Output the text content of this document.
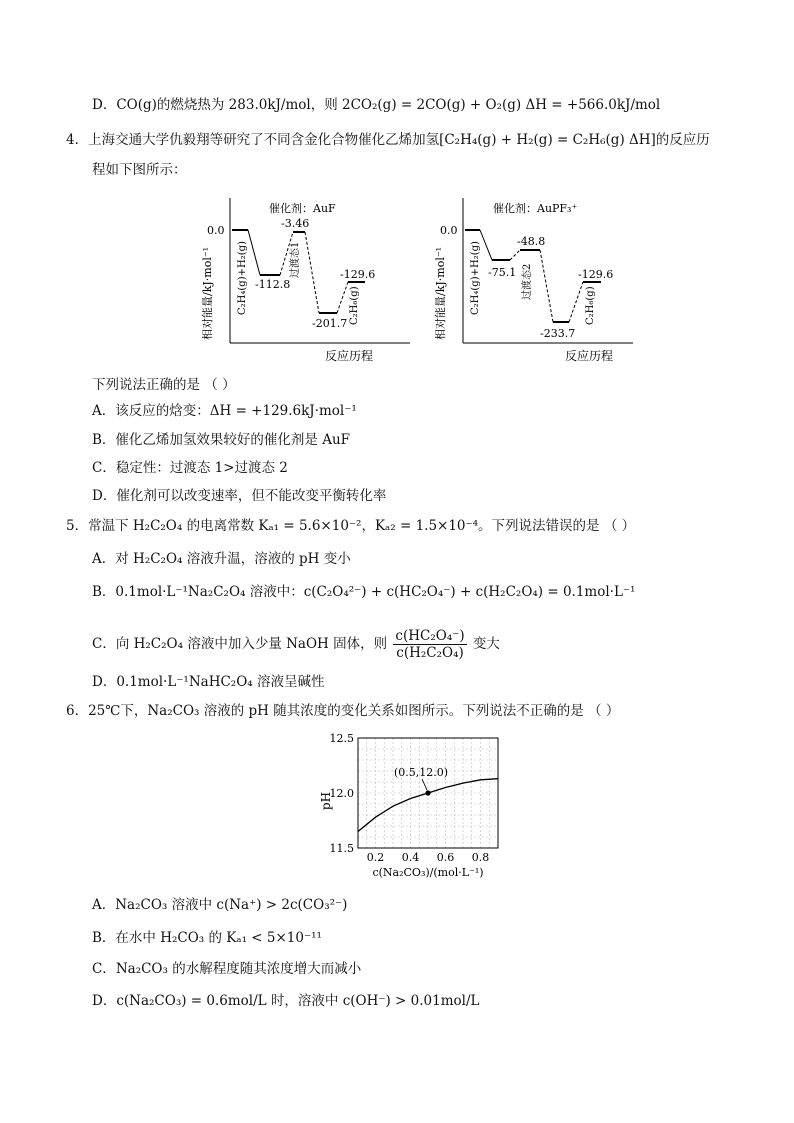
D．CO(g)的燃烧热为 283.0kJ/mol，则 2CO₂(g) = 2CO(g) + O₂(g) ΔH = +566.0kJ/mol
4．上海交通大学仇毅翔等研究了不同含金化合物催化乙烯加氢[C₂H₄(g) + H₂(g) = C₂H₆(g) ΔH]的反应历
程如下图所示：
相对能量/kJ·mol⁻¹
反应历程
催化剂：AuF
0.0
-112.8
-3.46
-201.7
-129.6
C₂H₄(g)+H₂(g)	过渡态1
C₂H₆(g)	相对能量/kJ·mol⁻¹
反应历程
催化剂：AuPF₃⁺
0.0
-75.1
-48.8
-233.7
-129.6
C₂H₄(g)+H₂(g)	过渡态2
C₂H₆(g)
下列说法正确的是 （ ）
A．该反应的焓变：ΔH = +129.6kJ·mol⁻¹
B．催化乙烯加氢效果较好的催化剂是 AuF
C．稳定性：过渡态 1>过渡态 2
D．催化剂可以改变速率，但不能改变平衡转化率
5．常温下 H₂C₂O₄ 的电离常数 Kₐ₁ = 5.6×10⁻²，Kₐ₂ = 1.5×10⁻⁴。下列说法错误的是 （ ）
A．对 H₂C₂O₄ 溶液升温，溶液的 pH 变小
B．0.1mol·L⁻¹Na₂C₂O₄ 溶液中：c(C₂O₄²⁻) + c(HC₂O₄⁻) + c(H₂C₂O₄) = 0.1mol·L⁻¹
C．向 H₂C₂O₄ 溶液中加入少量 NaOH 固体，则 $\frac{\text{c(HC₂O₄⁻)}}{\text{c(H₂C₂O₄)}}$ 变大
D．0.1mol·L⁻¹NaHC₂O₄ 溶液呈碱性
6．25℃下，Na₂CO₃ 溶液的 pH 随其浓度的变化关系如图所示。下列说法不正确的是 （ ）
0.2 0.4 0.6 0.8
11.5
12.0
12.5
(0.5,12.0)
pH
c(Na₂CO₃)/(mol·L⁻¹)
A．Na₂CO₃ 溶液中 c(Na⁺) > 2c(CO₃²⁻)
B．在水中 H₂CO₃ 的 Kₐ₁ < 5×10⁻¹¹
C．Na₂CO₃ 的水解程度随其浓度增大而减小
D．c(Na₂CO₃) = 0.6mol/L 时，溶液中 c(OH⁻) > 0.01mol/L
